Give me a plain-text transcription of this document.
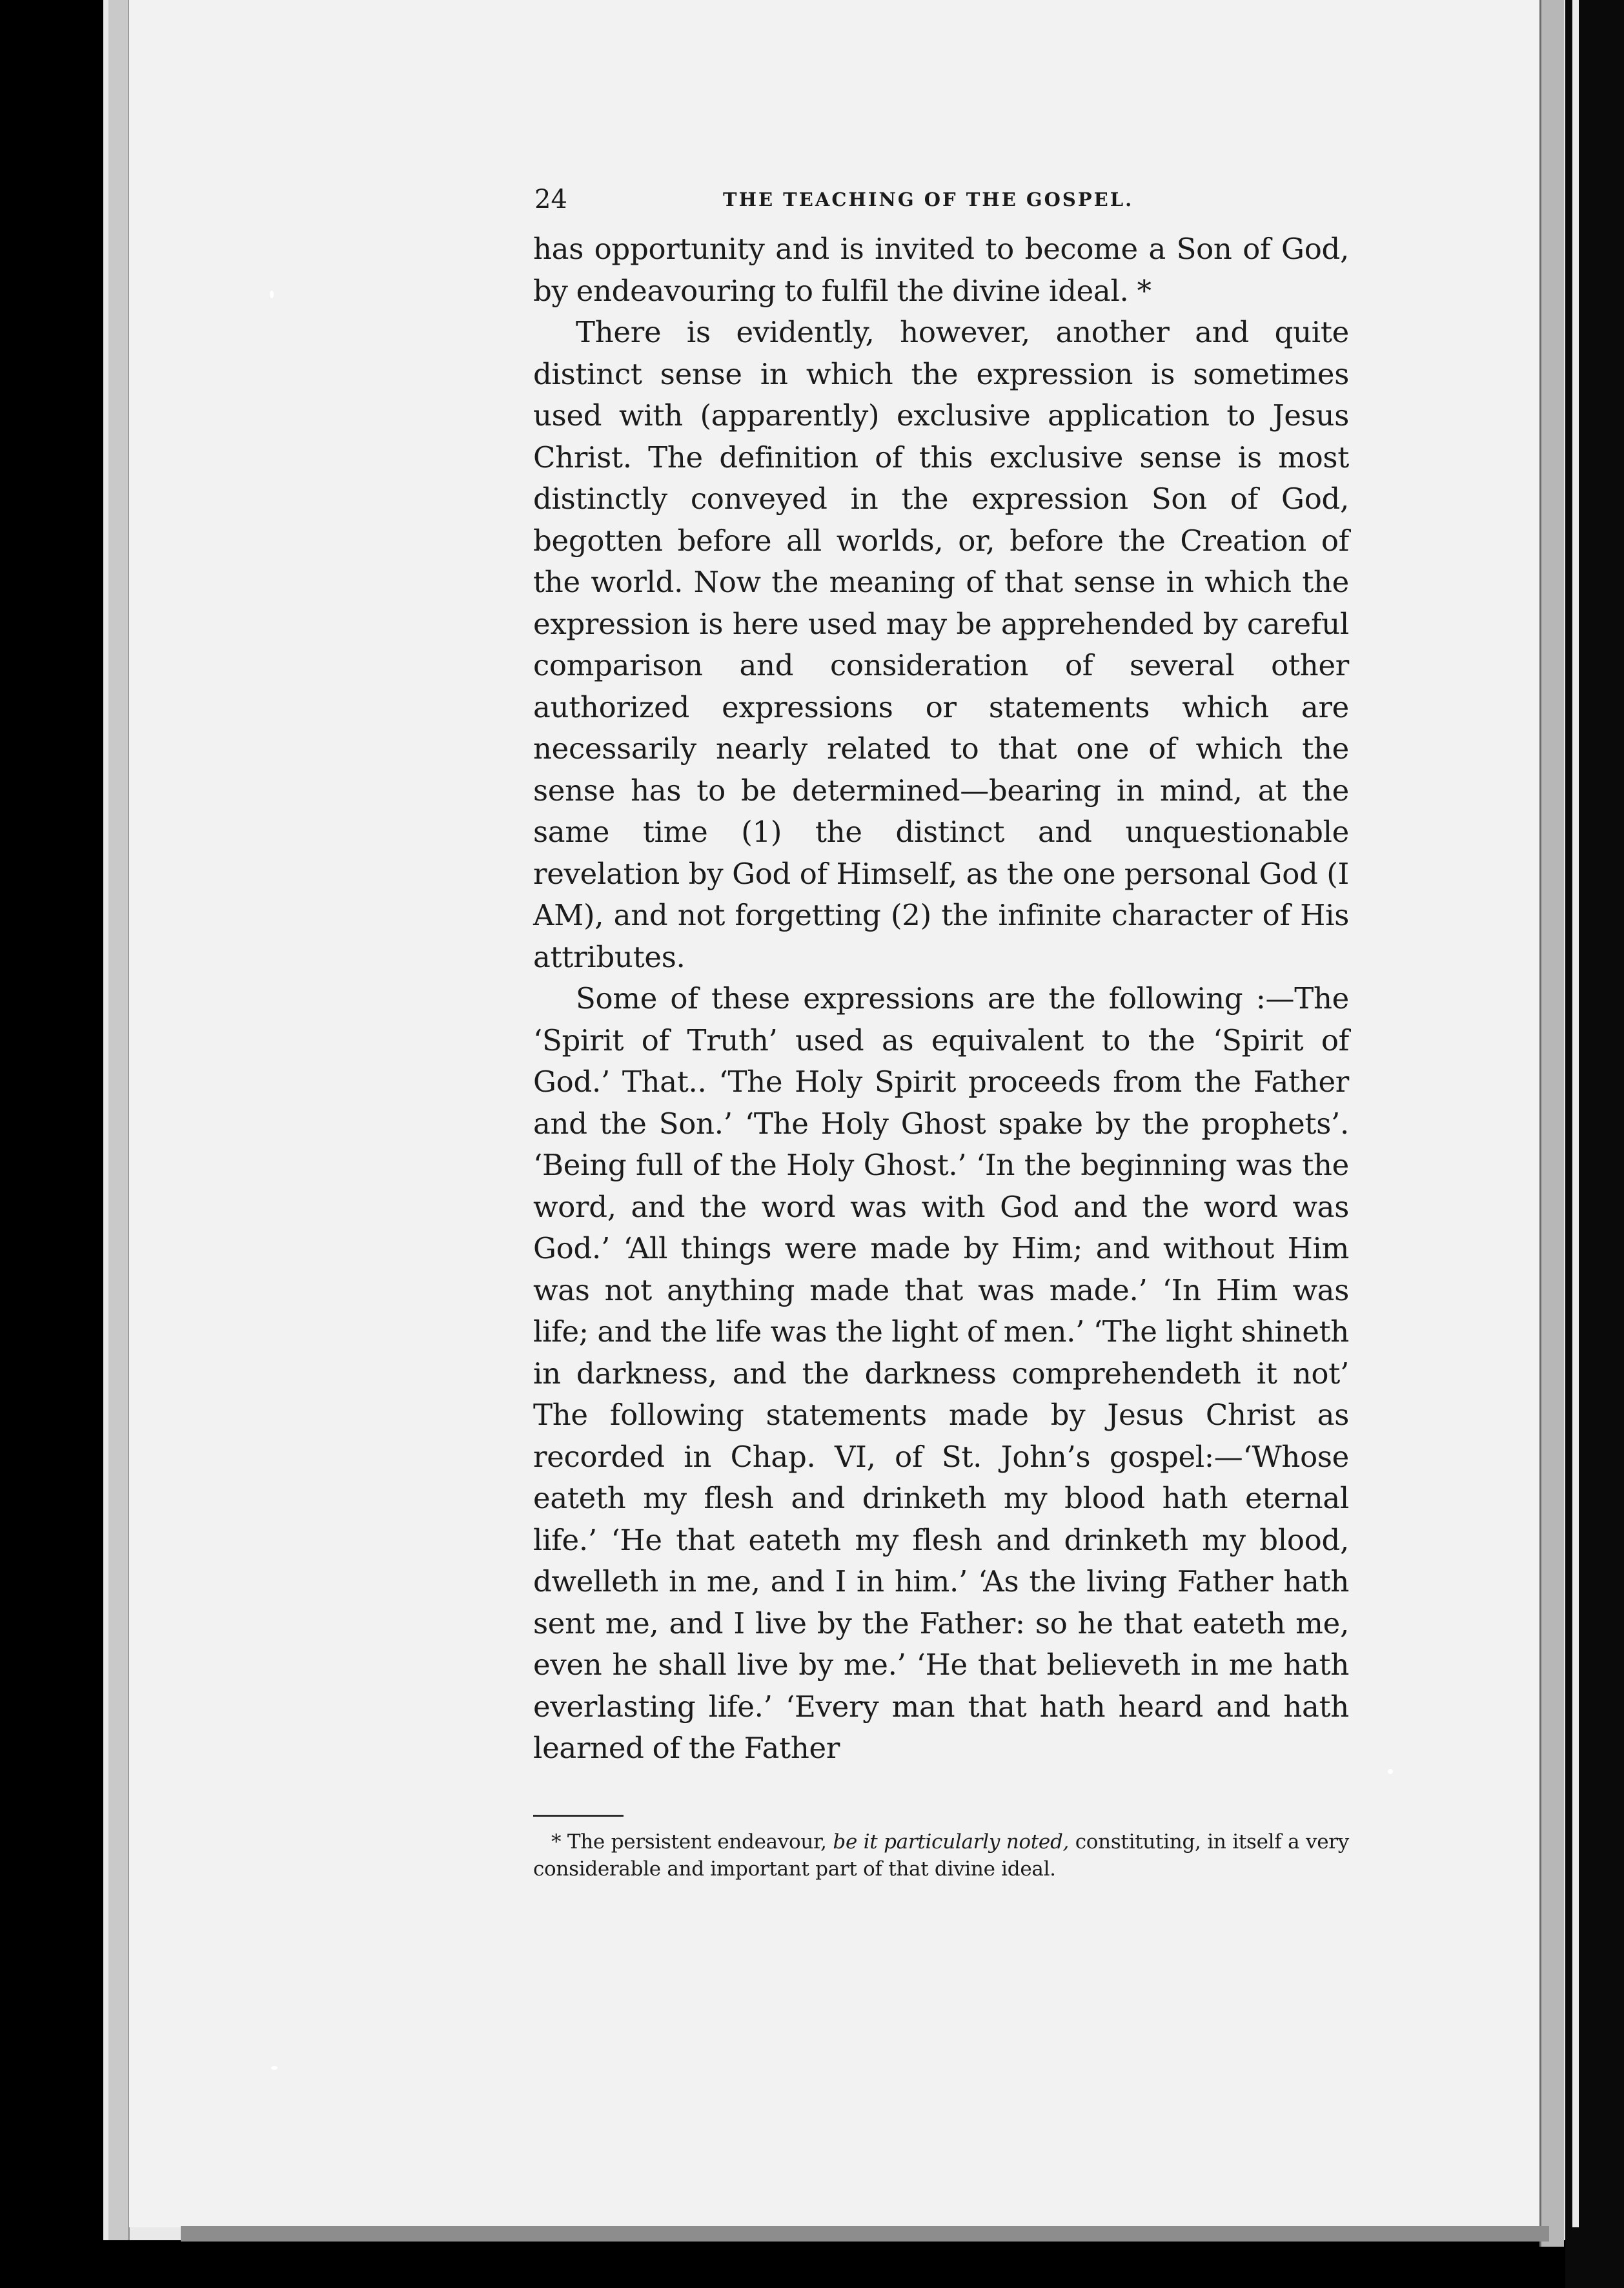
24	THE TEACHING OF THE GOSPEL.

has opportunity and is invited to become a Son of God, by endeavouring to fulfil the divine ideal. *

There is evidently, however, another and quite distinct sense in which the expression is sometimes used with (apparently) exclusive application to Jesus Christ. The definition of this exclusive sense is most distinctly conveyed in the expression Son of God, begotten before all worlds, or, before the Creation of the world. Now the meaning of that sense in which the expression is here used may be apprehended by careful comparison and consideration of several other authorized expressions or statements which are necessarily nearly related to that one of which the sense has to be determined—bearing in mind, at the same time (1) the distinct and unquestionable revelation by God of Himself, as the one personal God (I AM), and not forgetting (2) the infinite character of His attributes.

Some of these expressions are the following :—The ‘Spirit of Truth’ used as equivalent to the ‘Spirit of God.’ That.. ‘The Holy Spirit proceeds from the Father and the Son.’ ‘The Holy Ghost spake by the prophets’. ‘Being full of the Holy Ghost.’ ‘In the beginning was the word, and the word was with God and the word was God.’ ‘All things were made by Him; and without Him was not anything made that was made.’ ‘In Him was life; and the life was the light of men.’ ‘The light shineth in darkness, and the darkness comprehendeth it not’ The following statements made by Jesus Christ as recorded in Chap. VI, of St. John’s gospel:—‘Whose eateth my flesh and drinketh my blood hath eternal life.’ ‘He that eateth my flesh and drinketh my blood, dwelleth in me, and I in him.’ ‘As the living Father hath sent me, and I live by the Father: so he that eateth me, even he shall live by me.’ ‘He that believeth in me hath everlasting life.’ ‘Every man that hath heard and hath learned of the Father

* The persistent endeavour, be it particularly noted, constituting, in itself a very considerable and important part of that divine ideal.
